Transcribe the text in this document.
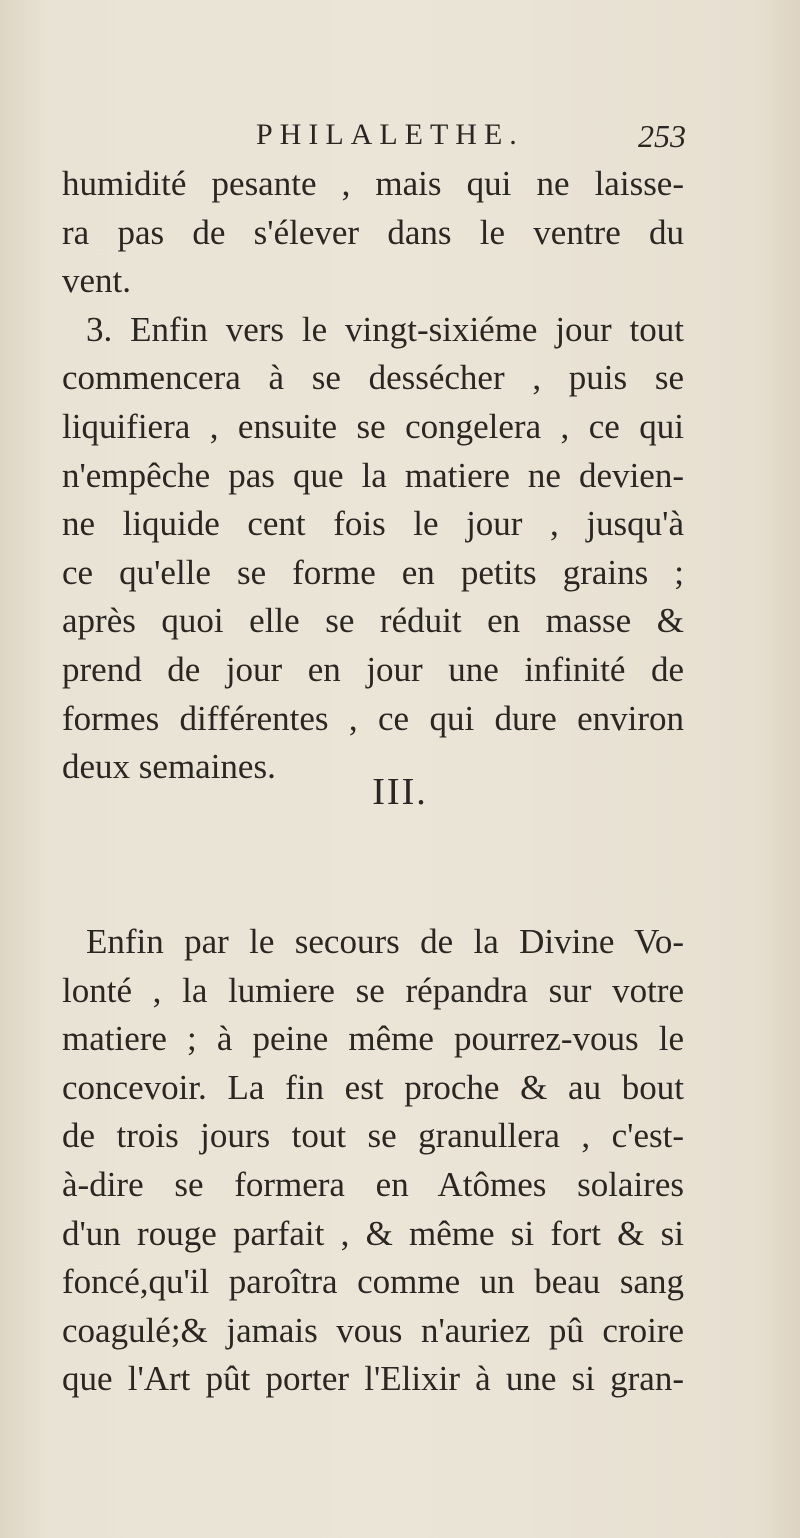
PHILALETHE.	253
humidité pesante , mais qui ne laisse-
ra pas de s'élever dans le ventre du
vent.
3. Enfin vers le vingt-sixiéme jour tout
commencera à se dessécher , puis se
liquifiera , ensuite se congelera , ce qui
n'empêche pas que la matiere ne devien-
ne liquide cent fois le jour , jusqu'à
ce qu'elle se forme en petits grains ;
après quoi elle se réduit en masse &
prend de jour en jour une infinité de
formes différentes , ce qui dure environ
deux semaines.
III.
Enfin par le secours de la Divine Vo-
lonté , la lumiere se répandra sur votre
matiere ; à peine même pourrez-vous le
concevoir. La fin est proche & au bout
de trois jours tout se granullera , c'est-
à-dire se formera en Atômes solaires
d'un rouge parfait , & même si fort & si
foncé,qu'il paroîtra comme un beau sang
coagulé;& jamais vous n'auriez pû croire
que l'Art pût porter l'Elixir à une si gran-
